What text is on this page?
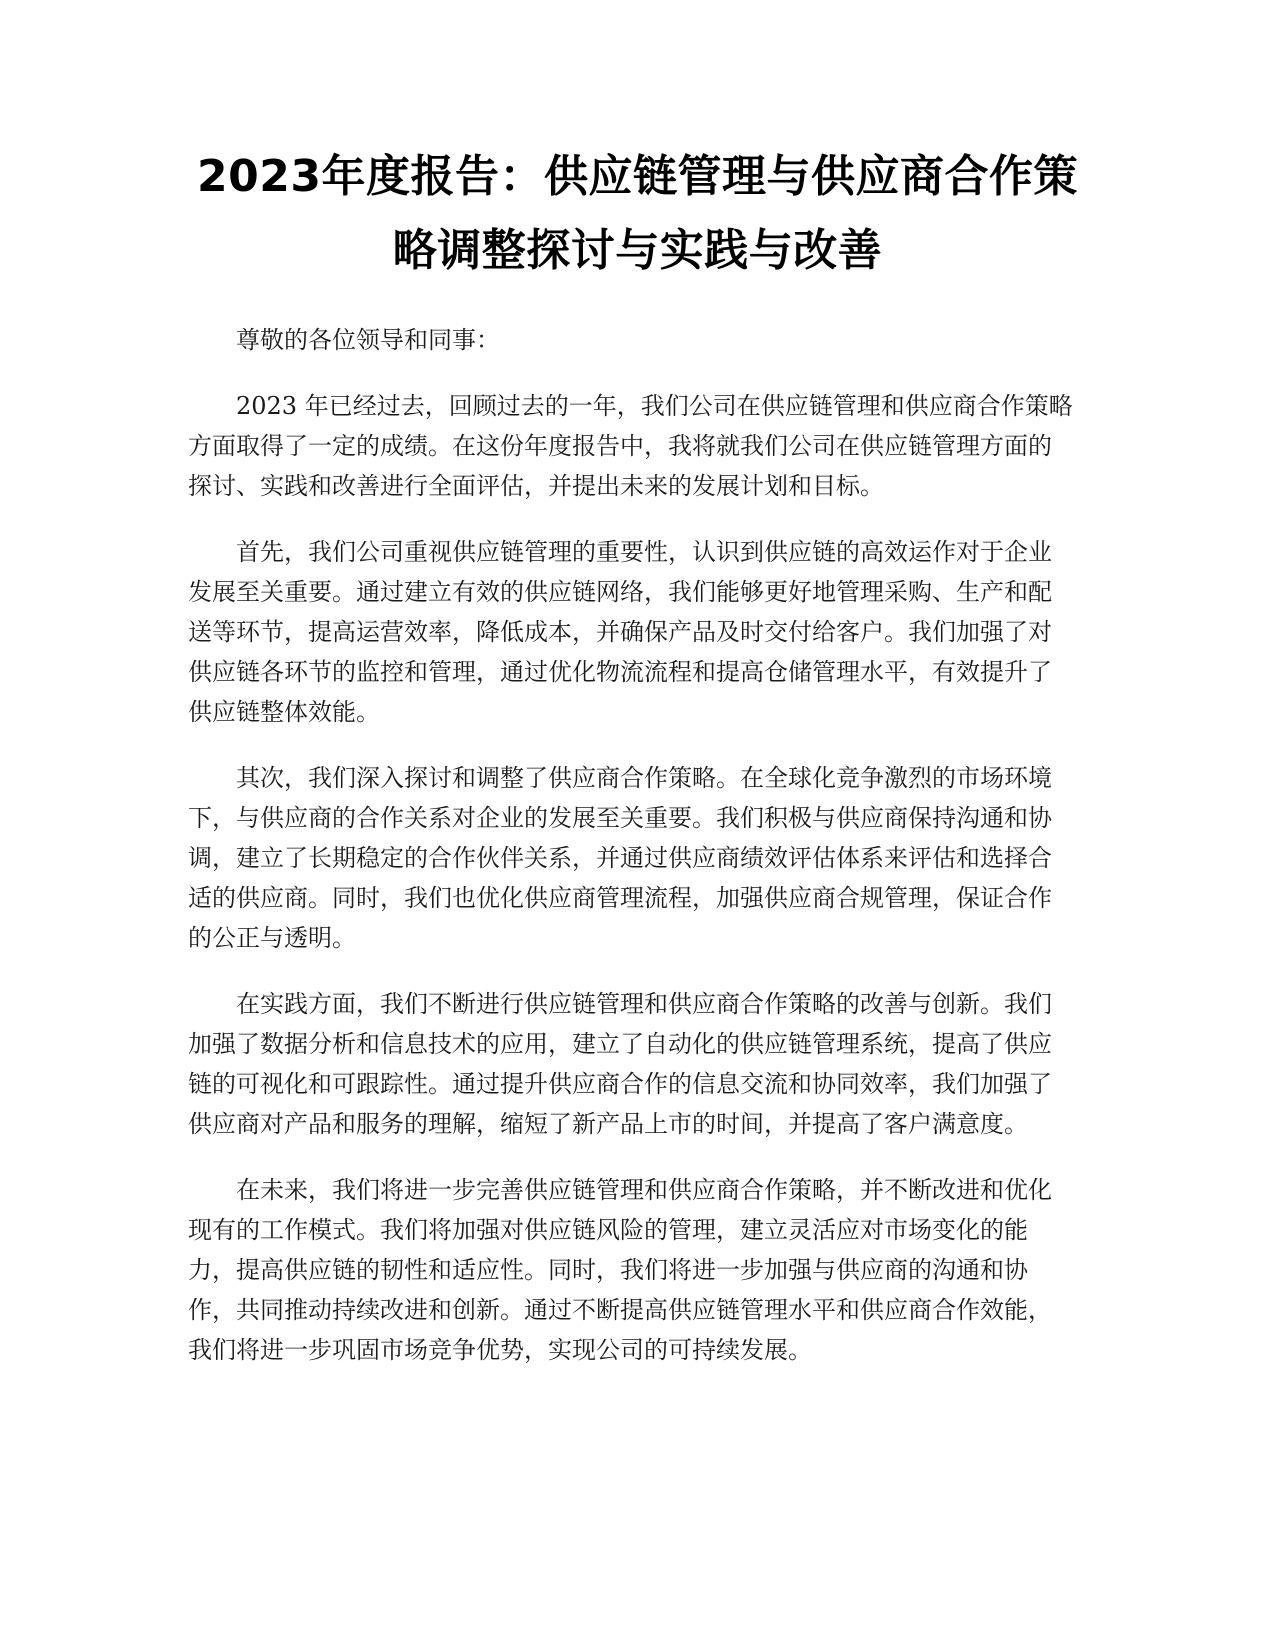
2023年度报告：供应链管理与供应商合作策
略调整探讨与实践与改善

尊敬的各位领导和同事：

2023 年已经过去，回顾过去的一年，我们公司在供应链管理和供应商合作策略
方面取得了一定的成绩。在这份年度报告中，我将就我们公司在供应链管理方面的
探讨、实践和改善进行全面评估，并提出未来的发展计划和目标。

首先，我们公司重视供应链管理的重要性，认识到供应链的高效运作对于企业
发展至关重要。通过建立有效的供应链网络，我们能够更好地管理采购、生产和配
送等环节，提高运营效率，降低成本，并确保产品及时交付给客户。我们加强了对
供应链各环节的监控和管理，通过优化物流流程和提高仓储管理水平，有效提升了
供应链整体效能。

其次，我们深入探讨和调整了供应商合作策略。在全球化竞争激烈的市场环境
下，与供应商的合作关系对企业的发展至关重要。我们积极与供应商保持沟通和协
调，建立了长期稳定的合作伙伴关系，并通过供应商绩效评估体系来评估和选择合
适的供应商。同时，我们也优化供应商管理流程，加强供应商合规管理，保证合作
的公正与透明。

在实践方面，我们不断进行供应链管理和供应商合作策略的改善与创新。我们
加强了数据分析和信息技术的应用，建立了自动化的供应链管理系统，提高了供应
链的可视化和可跟踪性。通过提升供应商合作的信息交流和协同效率，我们加强了
供应商对产品和服务的理解，缩短了新产品上市的时间，并提高了客户满意度。

在未来，我们将进一步完善供应链管理和供应商合作策略，并不断改进和优化
现有的工作模式。我们将加强对供应链风险的管理，建立灵活应对市场变化的能
力，提高供应链的韧性和适应性。同时，我们将进一步加强与供应商的沟通和协
作，共同推动持续改进和创新。通过不断提高供应链管理水平和供应商合作效能，
我们将进一步巩固市场竞争优势，实现公司的可持续发展。
